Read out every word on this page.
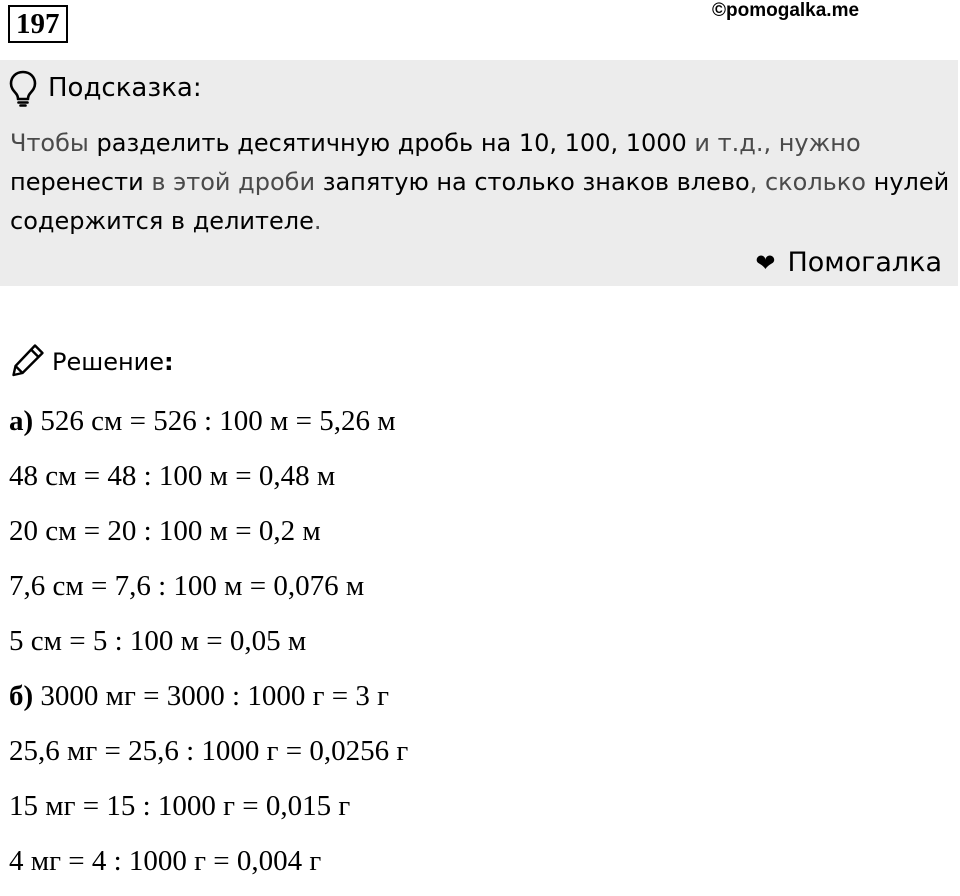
197	©pomogalka.me
Подсказка:
Чтобы разделить десятичную дробь на 10, 100, 1000 и т.д., нужно перенести в этой дроби запятую на столько знаков влево, сколько нулей содержится в делителе.
❤ Помогалка
Решение:
а) 526 см = 526 : 100 м = 5,26 м
48 см = 48 : 100 м = 0,48 м
20 см = 20 : 100 м = 0,2 м
7,6 см = 7,6 : 100 м = 0,076 м
5 см = 5 : 100 м = 0,05 м
б) 3000 мг = 3000 : 1000 г = 3 г
25,6 мг = 25,6 : 1000 г = 0,0256 г
15 мг = 15 : 1000 г = 0,015 г
4 мг = 4 : 1000 г = 0,004 г
